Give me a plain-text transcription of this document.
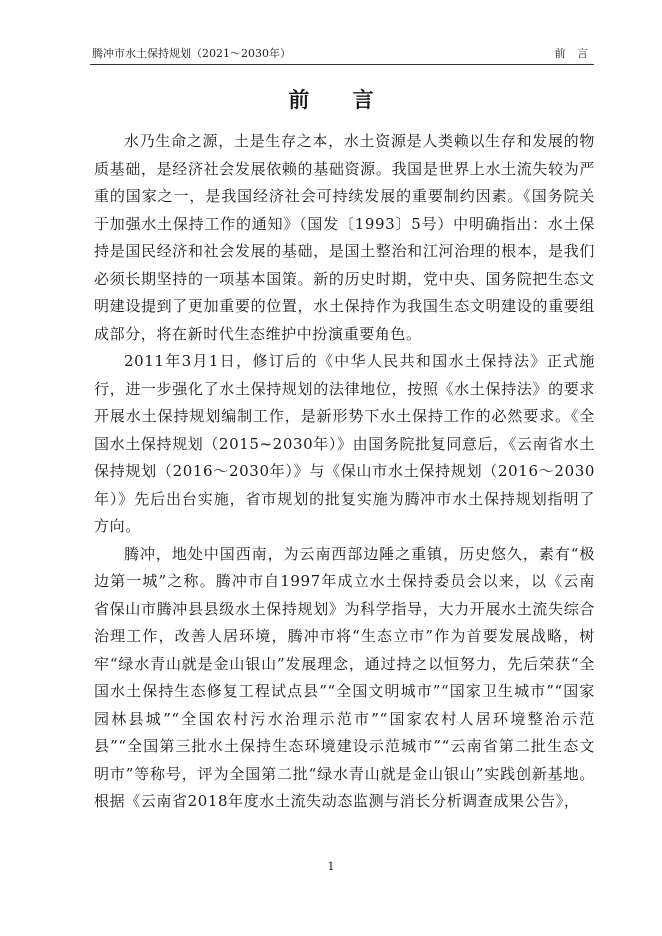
腾冲市水土保持规划（2021～2030年）	前 言
前 言

水乃生命之源，土是生存之本，水土资源是人类赖以生存和发展的物质基础，是经济社会发展依赖的基础资源。我国是世界上水土流失较为严重的国家之一，是我国经济社会可持续发展的重要制约因素。《国务院关于加强水土保持工作的通知》（国发〔1993〕5号）中明确指出：水土保持是国民经济和社会发展的基础，是国土整治和江河治理的根本，是我们必须长期坚持的一项基本国策。新的历史时期，党中央、国务院把生态文明建设提到了更加重要的位置，水土保持作为我国生态文明建设的重要组成部分，将在新时代生态维护中扮演重要角色。

2011年3月1日，修订后的《中华人民共和国水土保持法》正式施行，进一步强化了水土保持规划的法律地位，按照《水土保持法》的要求开展水土保持规划编制工作，是新形势下水土保持工作的必然要求。《全国水土保持规划（2015~2030年）》由国务院批复同意后，《云南省水土保持规划（2016～2030年）》与《保山市水土保持规划（2016～2030年）》先后出台实施，省市规划的批复实施为腾冲市水土保持规划指明了方向。

腾冲，地处中国西南，为云南西部边陲之重镇，历史悠久，素有“极边第一城”之称。腾冲市自1997年成立水土保持委员会以来，以《云南省保山市腾冲县县级水土保持规划》为科学指导，大力开展水土流失综合治理工作，改善人居环境，腾冲市将“生态立市”作为首要发展战略，树牢“绿水青山就是金山银山”发展理念，通过持之以恒努力，先后荣获“全国水土保持生态修复工程试点县”“全国文明城市”“国家卫生城市”“国家园林县城”“全国农村污水治理示范市”“国家农村人居环境整治示范县”“全国第三批水土保持生态环境建设示范城市”“云南省第二批生态文明市”等称号，评为全国第二批“绿水青山就是金山银山”实践创新基地。根据《云南省2018年度水土流失动态监测与消长分析调查成果公告》，

1
